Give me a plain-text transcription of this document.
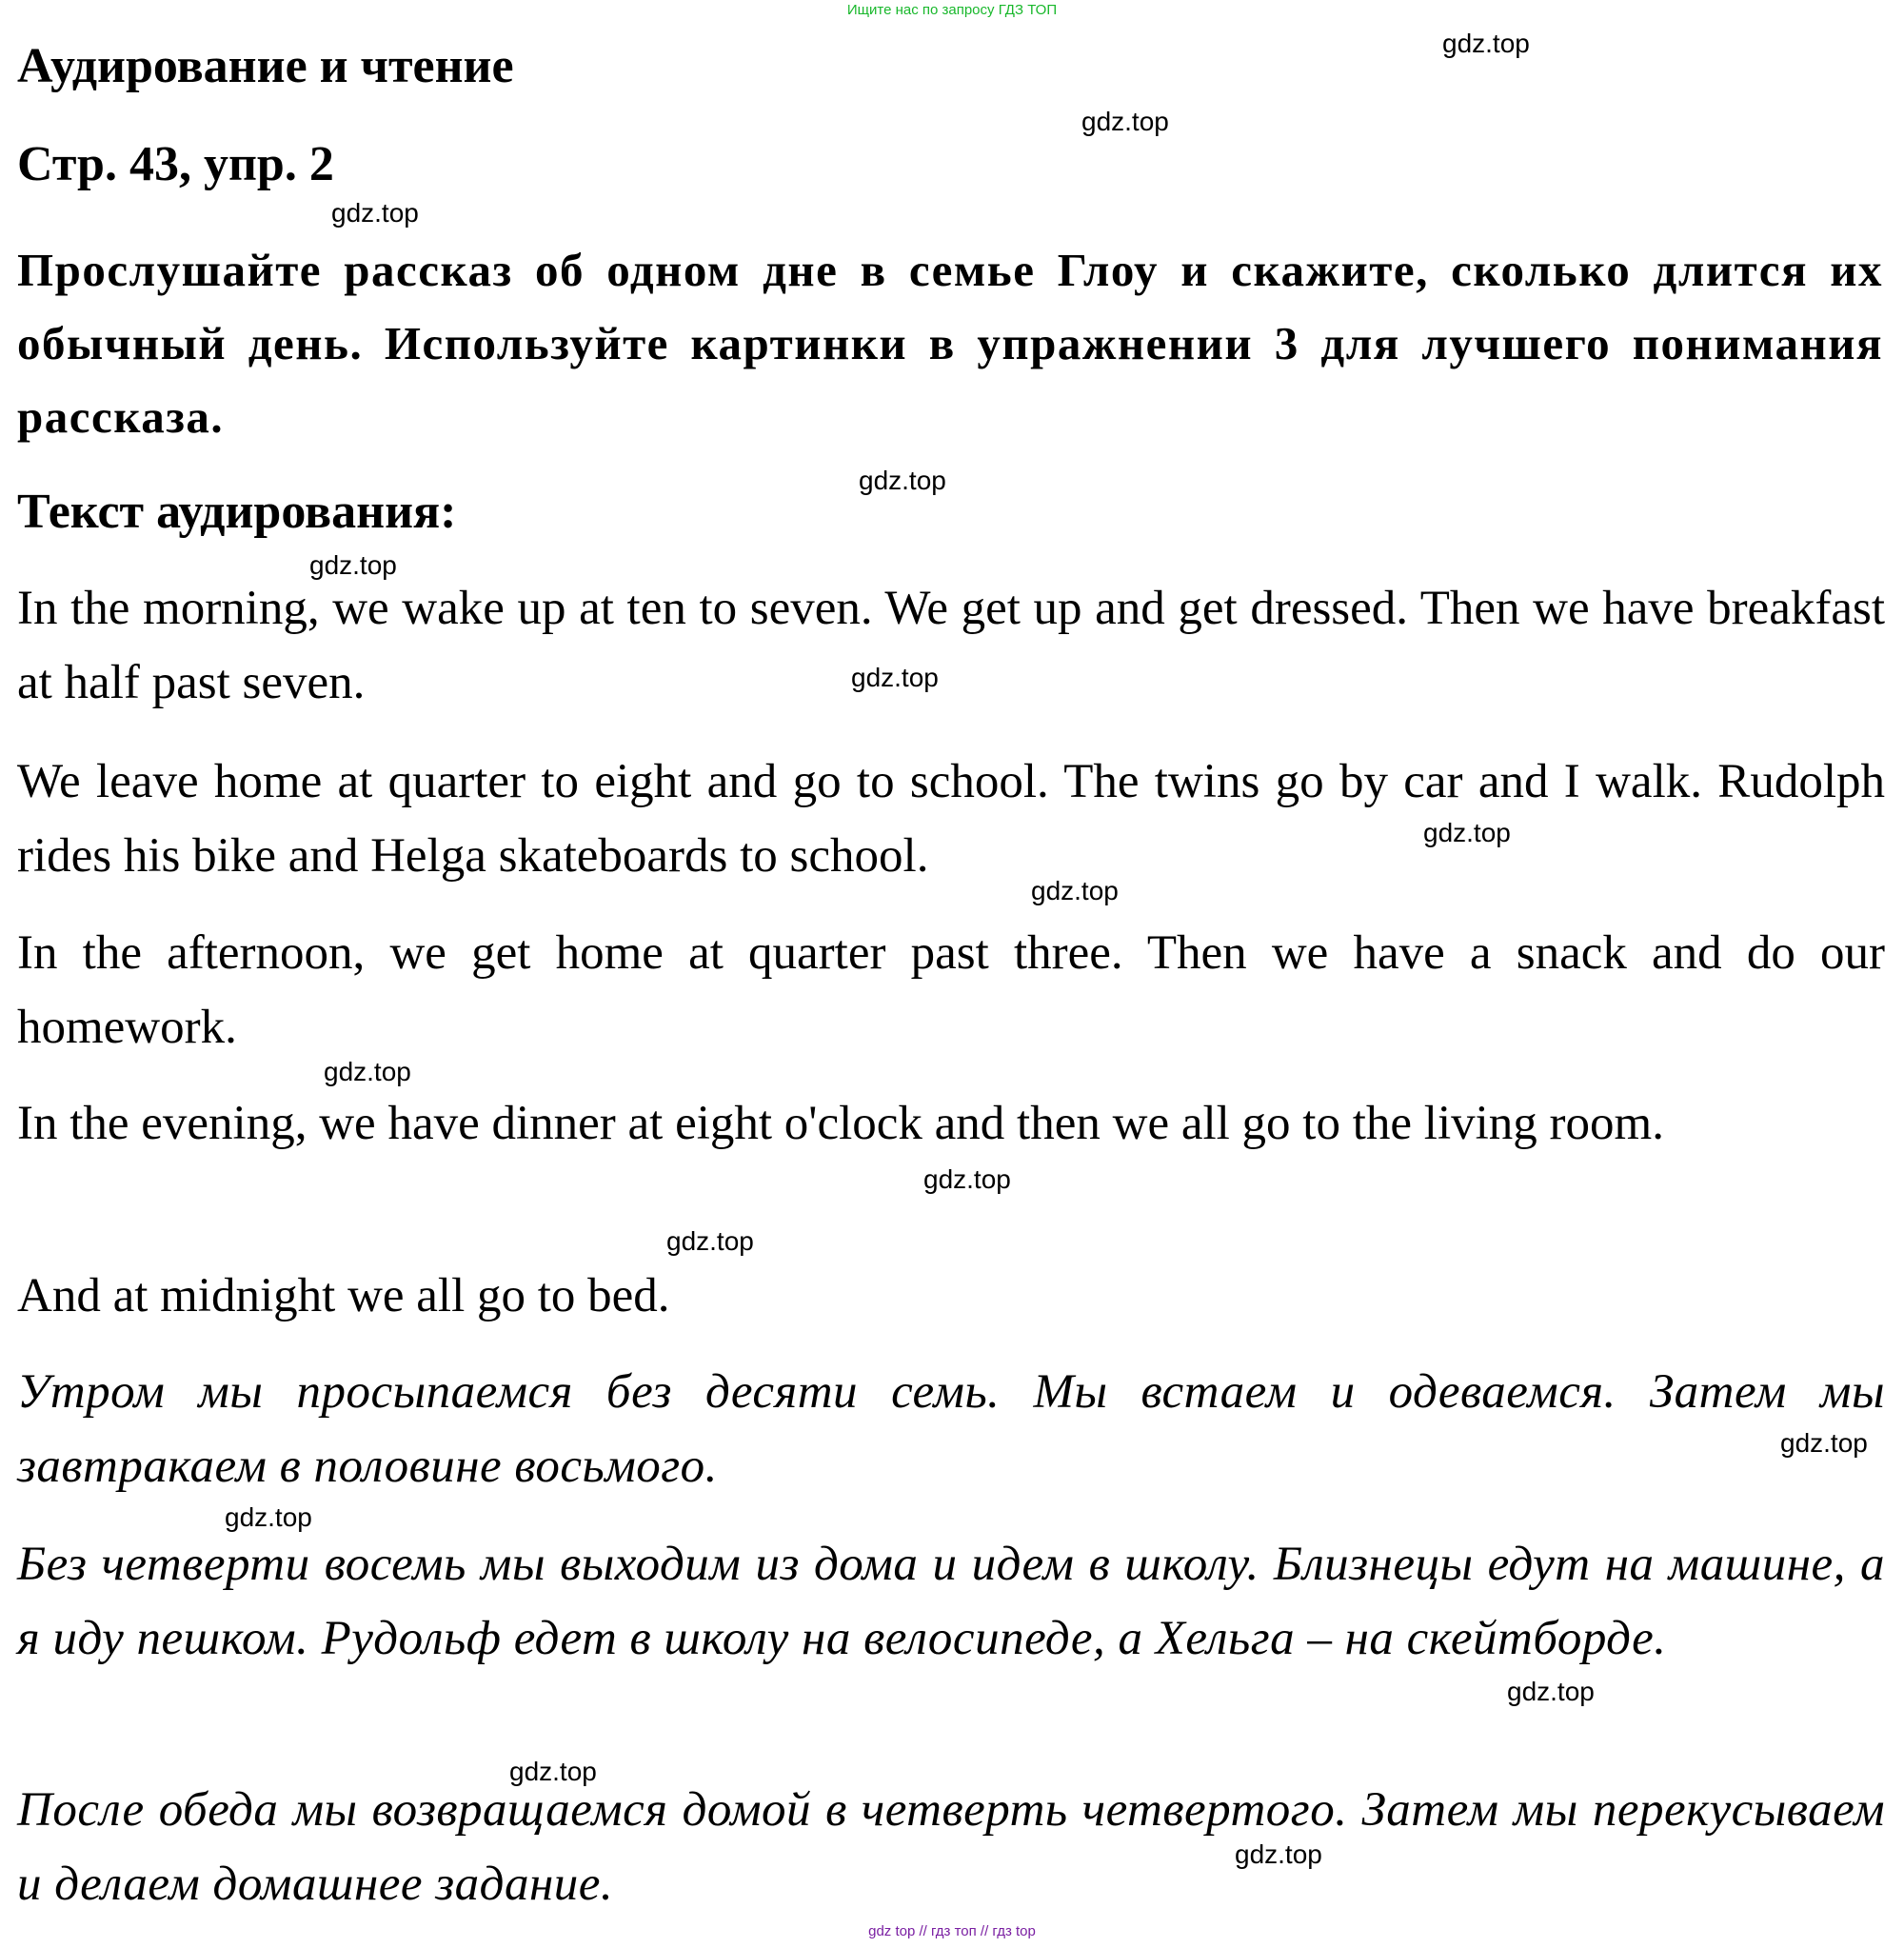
Ищите нас по запросу ГДЗ ТОП
Аудирование и чтение
Стр. 43, упр. 2

Прослушайте рассказ об одном дне в семье Глоу и скажите, сколько длится их обычный день. Используйте картинки в упражнении 3 для лучшего понимания рассказа.

Текст аудирования:

In the morning, we wake up at ten to seven. We get up and get dressed. Then we have breakfast at half past seven.

We leave home at quarter to eight and go to school. The twins go by car and I walk. Rudolph rides his bike and Helga skateboards to school.

In the afternoon, we get home at quarter past three. Then we have a snack and do our homework.

In the evening, we have dinner at eight o'clock and then we all go to the living room.

And at midnight we all go to bed.

Утром мы просыпаемся без десяти семь. Мы встаем и одеваемся. Затем мы завтракаем в половине восьмого.

Без четверти восемь мы выходим из дома и идем в школу. Близнецы едут на машине, а я иду пешком. Рудольф едет в школу на велосипеде, а Хельга – на скейтборде.

После обеда мы возвращаемся домой в четверть четвертого. Затем мы перекусываем и делаем домашнее задание.

gdz.top
gdz.top
gdz.top
gdz.top
gdz.top
gdz.top
gdz.top
gdz.top
gdz.top
gdz.top
gdz.top
gdz.top
gdz.top
gdz.top
gdz.top
gdz.top
gdz top // гдз топ // гдз top
